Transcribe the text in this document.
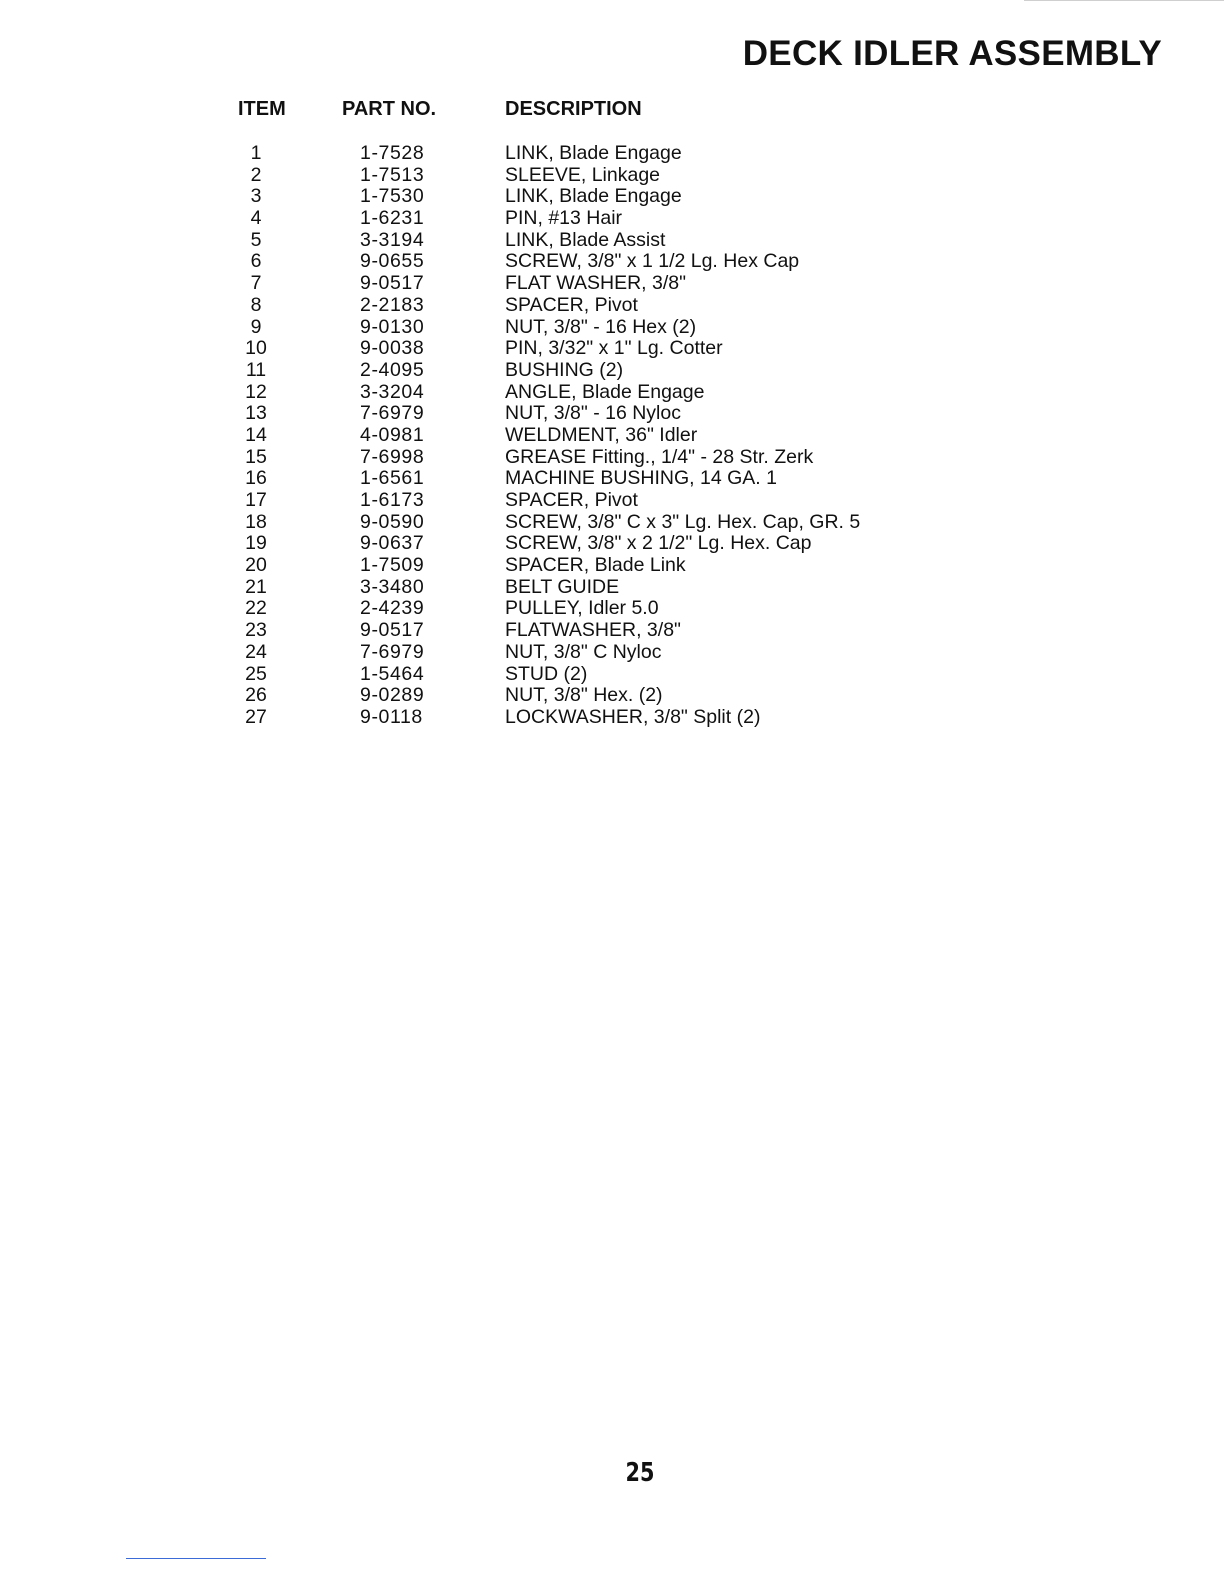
DECK IDLER ASSEMBLY
ITEM	PART NO.	DESCRIPTION
1	1-7528	LINK, Blade Engage
2	1-7513	SLEEVE, Linkage
3	1-7530	LINK, Blade Engage
4	1-6231	PIN, #13 Hair
5	3-3194	LINK, Blade Assist
6	9-0655	SCREW, 3/8" x 1 1/2 Lg. Hex Cap
7	9-0517	FLAT WASHER, 3/8"
8	2-2183	SPACER, Pivot
9	9-0130	NUT, 3/8" - 16 Hex (2)
10	9-0038	PIN, 3/32" x 1" Lg. Cotter
11	2-4095	BUSHING (2)
12	3-3204	ANGLE, Blade Engage
13	7-6979	NUT, 3/8" - 16 Nyloc
14	4-0981	WELDMENT, 36" Idler
15	7-6998	GREASE Fitting., 1/4" - 28 Str. Zerk
16	1-6561	MACHINE BUSHING, 14 GA. 1
17	1-6173	SPACER, Pivot
18	9-0590	SCREW, 3/8" C x 3" Lg. Hex. Cap, GR. 5
19	9-0637	SCREW, 3/8" x 2 1/2" Lg. Hex. Cap
20	1-7509	SPACER, Blade Link
21	3-3480	BELT GUIDE
22	2-4239	PULLEY, Idler 5.0
23	9-0517	FLATWASHER, 3/8"
24	7-6979	NUT, 3/8" C Nyloc
25	1-5464	STUD (2)
26	9-0289	NUT, 3/8" Hex. (2)
27	9-0118	LOCKWASHER, 3/8" Split (2)
25
